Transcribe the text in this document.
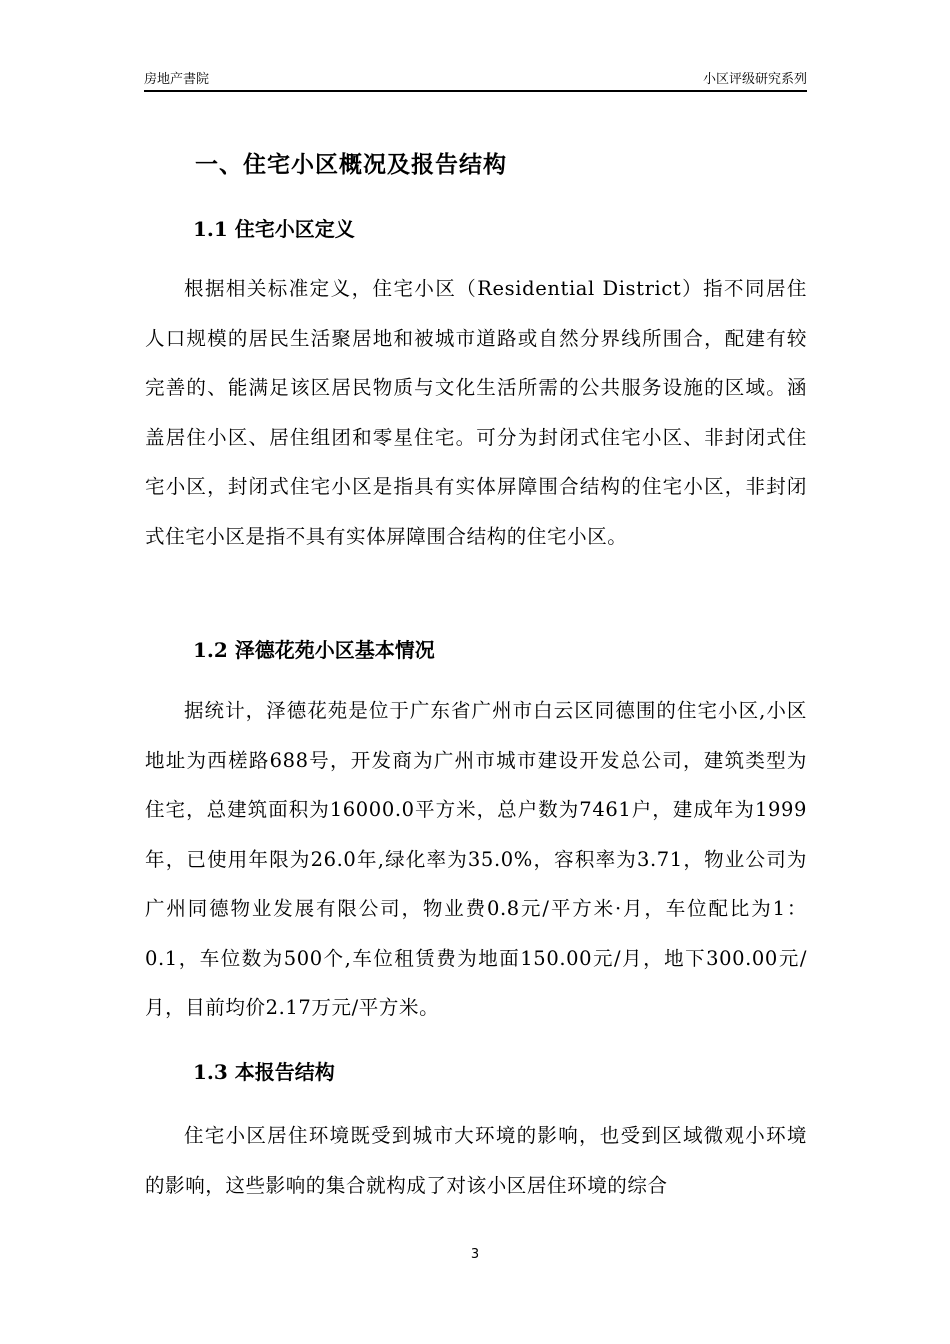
房地产書院	小区评级研究系列
一、住宅小区概况及报告结构
1.1 住宅小区定义
根据相关标准定义，住宅小区（Residential District）指不同居住人口规模的居民生活聚居地和被城市道路或自然分界线所围合，配建有较完善的、能满足该区居民物质与文化生活所需的公共服务设施的区域。涵盖居住小区、居住组团和零星住宅。可分为封闭式住宅小区、非封闭式住宅小区，封闭式住宅小区是指具有实体屏障围合结构的住宅小区，非封闭式住宅小区是指不具有实体屏障围合结构的住宅小区。
1.2 泽德花苑小区基本情况
据统计，泽德花苑是位于广东省广州市白云区同德围的住宅小区,小区地址为西槎路688号，开发商为广州市城市建设开发总公司，建筑类型为住宅，总建筑面积为16000.0平方米，总户数为7461户，建成年为1999年，已使用年限为26.0年,绿化率为35.0%，容积率为3.71，物业公司为广州同德物业发展有限公司，物业费0.8元/平方米·月，车位配比为1：0.1，车位数为500个,车位租赁费为地面150.00元/月，地下300.00元/月，目前均价2.17万元/平方米。
1.3 本报告结构
住宅小区居住环境既受到城市大环境的影响，也受到区域微观小环境的影响，这些影响的集合就构成了对该小区居住环境的综合
3
